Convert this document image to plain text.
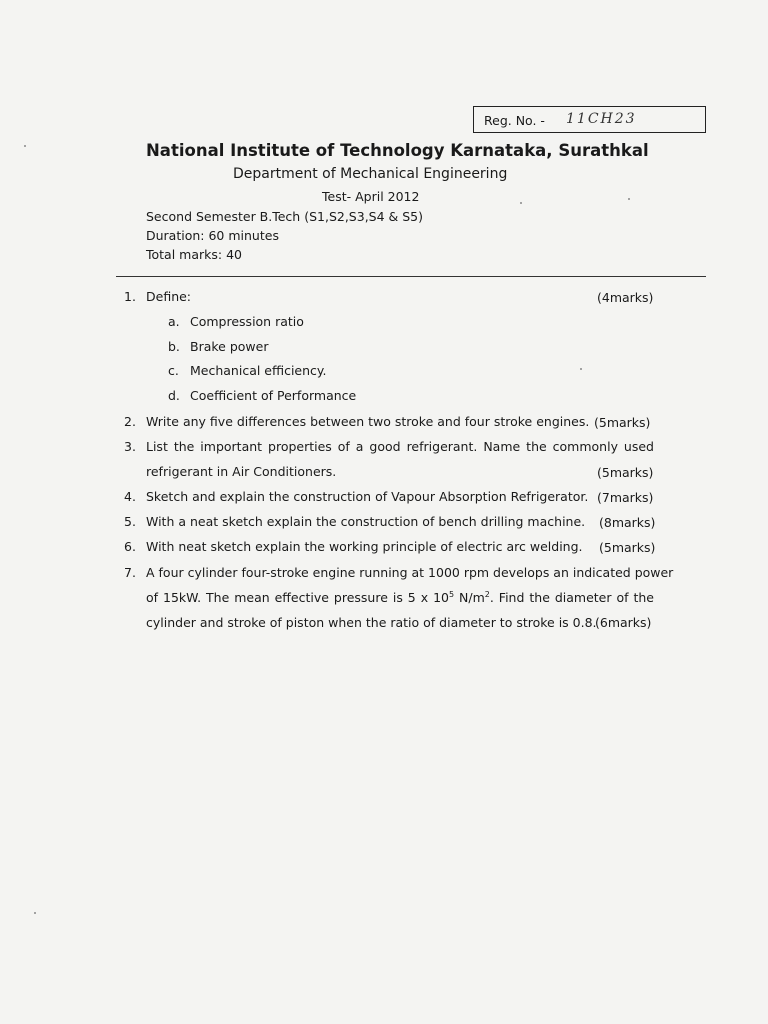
Reg. No. - 11CH23
National Institute of Technology Karnataka, Surathkal
Department of Mechanical Engineering
Test- April 2012
Second Semester B.Tech (S1,S2,S3,S4 & S5)
Duration: 60 minutes
Total marks: 40
1. Define:	(4marks)
a. Compression ratio
b. Brake power
c. Mechanical efficiency.
d. Coefficient of Performance
2. Write any five differences between two stroke and four stroke engines. (5marks)
3. List the important properties of a good refrigerant. Name the commonly used
refrigerant in Air Conditioners.	(5marks)
4. Sketch and explain the construction of Vapour Absorption Refrigerator. (7marks)
5. With a neat sketch explain the construction of bench drilling machine. (8marks)
6. With neat sketch explain the working principle of electric arc welding. (5marks)
7. A four cylinder four-stroke engine running at 1000 rpm develops an indicated power
of 15kW. The mean effective pressure is 5 x $10^5$ $N/m^2$. Find the diameter of the
cylinder and stroke of piston when the ratio of diameter to stroke is 0.8.
(6marks)
